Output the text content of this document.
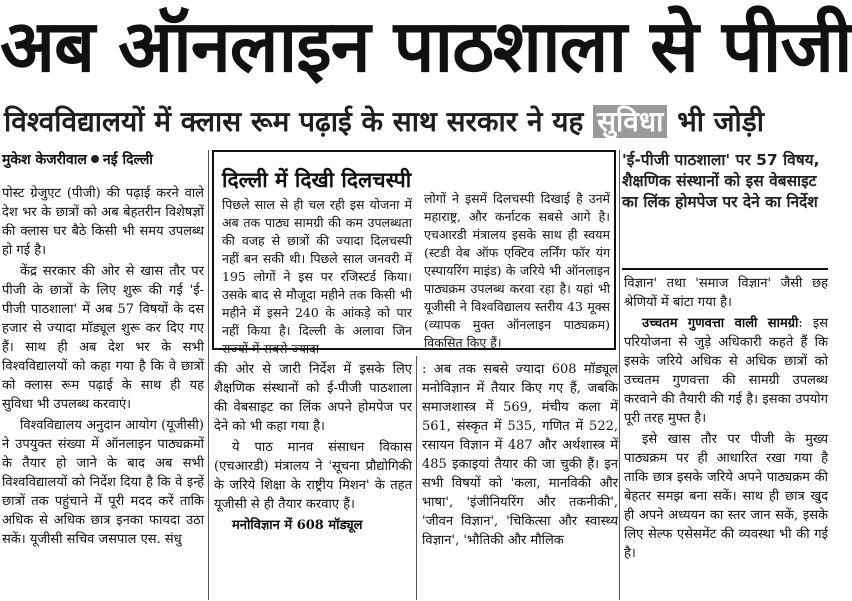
अब ऑनलाइन पाठशाला से पीजी
विश्वविद्यालयों में क्लास रूम पढ़ाई के साथ सरकार ने यह सुविधा भी जोड़ी
मुकेश केजरीवाल नई दिल्ली

पोस्ट ग्रेजुएट (पीजी) की पढ़ाई करने वाले देश भर के छात्रों को अब बेहतरीन विशेषज्ञों की क्लास घर बैठे किसी भी समय उपलब्ध हो गई है।

केंद्र सरकार की ओर से खास तौर पर पीजी के छात्रों के लिए शुरू की गई 'ई-पीजी पाठशाला' में अब 57 विषयों के दस हजार से ज्यादा मॉड्यूल शुरू कर दिए गए हैं। साथ ही अब देश भर के सभी विश्वविद्यालयों को कहा गया है कि वे छात्रों को क्लास रूम पढ़ाई के साथ ही यह सुविधा भी उपलब्ध करवाएं।

विश्वविद्यालय अनुदान आयोग (यूजीसी) ने उपयुक्त संख्या में ऑनलाइन पाठ्यक्रमों के तैयार हो जाने के बाद अब सभी विश्वविद्यालयों को निर्देश दिया है कि वे इन्हें छात्रों तक पहुंचाने में पूरी मदद करें ताकि अधिक से अधिक छात्र इनका फायदा उठा सकें। यूजीसी सचिव जसपाल एस. संधु

दिल्ली में दिखी दिलचस्पी
पिछले साल से ही चल रही इस योजना में अब तक पाठ्य सामग्री की कम उपलब्धता की वजह से छात्रों की ज्यादा दिलचस्पी नहीं बन सकी थी। पिछले साल जनवरी में 195 लोगों ने इस पर रजिस्टर्ड किया। उसके बाद से मौजूदा महीने तक किसी भी महीने में इसने 240 के आंकड़े को पार नहीं किया है। दिल्ली के अलावा जिन राज्यों में सबसे ज्यादा
लोगों ने इसमें दिलचस्पी दिखाई है उनमें महाराष्ट्र, और कर्नाटक सबसे आगे है। एचआरडी मंत्रालय इसके साथ ही स्वयम (स्टडी वेब ऑफ एक्टिव लर्निंग फॉर यंग एस्पायरिंग माइंड) के जरिये भी ऑनलाइन पाठ्यक्रम उपलब्ध करवा रहा है। यहां भी यूजीसी ने विश्वविद्यालय स्तरीय 43 मूक्स (व्यापक मुक्त ऑनलाइन पाठ्यक्रम) विकसित किए हैं।

की ओर से जारी निर्देश में इसके लिए शैक्षणिक संस्थानों को ई-पीजी पाठशाला की वेबसाइट का लिंक अपने होमपेज पर देने को भी कहा गया है।

ये पाठ मानव संसाधन विकास (एचआरडी) मंत्रालय ने 'सूचना प्रौद्योगिकी के जरिये शिक्षा के राष्ट्रीय मिशन' के तहत यूजीसी से ही तैयार करवाए हैं।

मनोविज्ञान में 608 मॉड्यूल

: अब तक सबसे ज्यादा 608 मॉड्यूल मनोविज्ञान में तैयार किए गए हैं, जबकि समाजशास्त्र में 569, मंचीय कला में 561, संस्कृत में 535, गणित में 522, रसायन विज्ञान में 487 और अर्थशास्त्र में 485 इकाइयां तैयार की जा चुकी हैं। इन सभी विषयों को 'कला, मानविकी और भाषा', 'इंजीनियरिंग और तकनीकी', 'जीवन विज्ञान', 'चिकित्सा और स्वास्थ्य विज्ञान', 'भौतिकी और मौलिक

'ई-पीजी पाठशाला' पर 57 विषय, शैक्षणिक संस्थानों को इस वेबसाइट का लिंक होमपेज पर देने का निर्देश

विज्ञान' तथा 'समाज विज्ञान' जैसी छह श्रेणियों में बांटा गया है।

उच्चतम गुणवत्ता वाली सामग्री: इस परियोजना से जुड़े अधिकारी कहते हैं कि इसके जरिये अधिक से अधिक छात्रों को उच्चतम गुणवत्ता की सामग्री उपलब्ध करवाने की तैयारी की गई है। इसका उपयोग पूरी तरह मुफ्त है।

इसे खास तौर पर पीजी के मुख्य पाठ्यक्रम पर ही आधारित रखा गया है ताकि छात्र इसके जरिये अपने पाठ्यक्रम की बेहतर समझ बना सकें। साथ ही छात्र खुद ही अपने अध्ययन का स्तर जान सकें, इसके लिए सेल्फ एसेसमेंट की व्यवस्था भी की गई है।
